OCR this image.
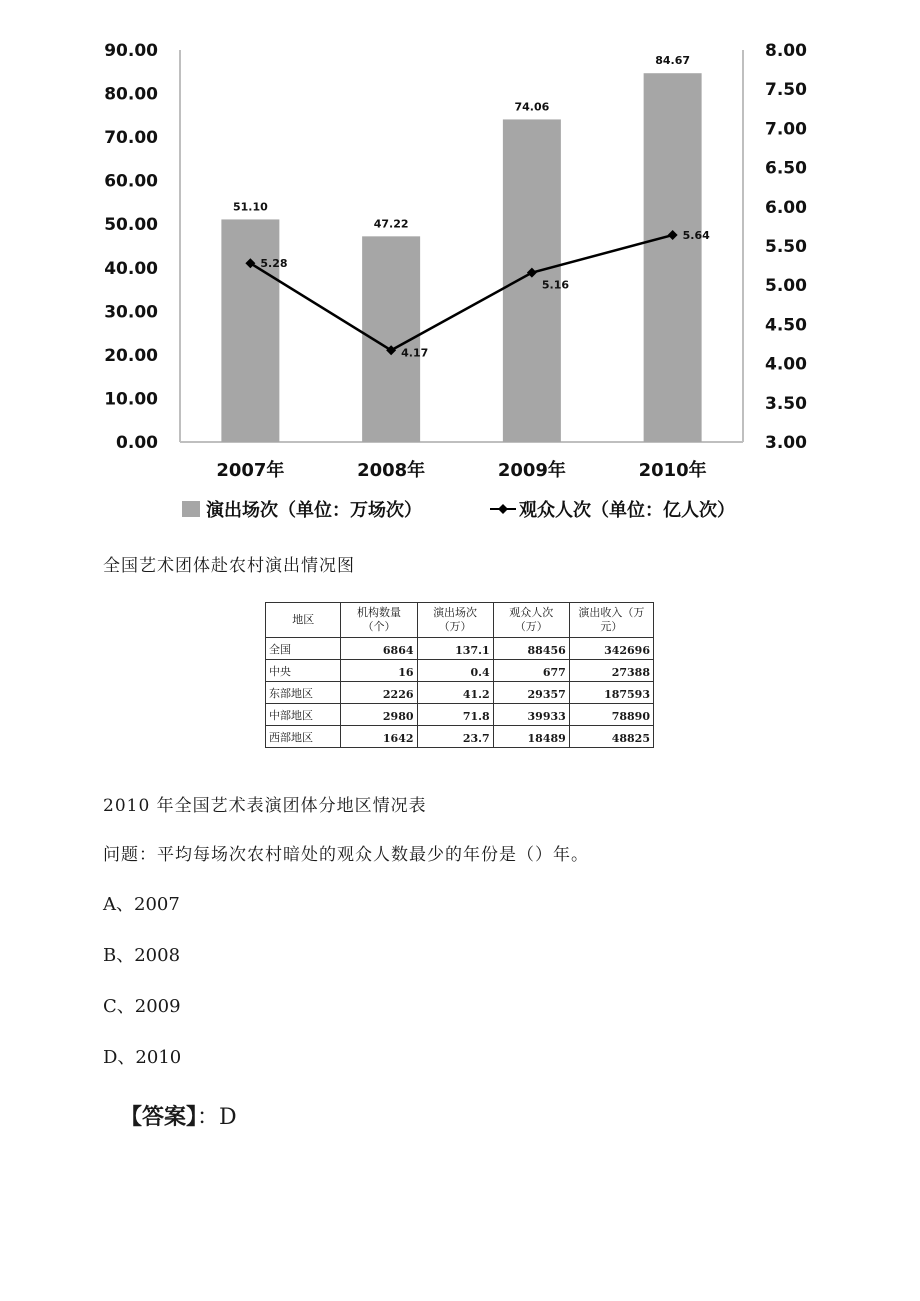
0.00
10.00
20.00
30.00
40.00
50.00
60.00
70.00
80.00
90.00
3.00
3.50
4.00
4.50
5.00
5.50
6.00
6.50
7.00
7.50
8.00
51.10
47.22
74.06
84.67
5.28
4.17
5.16
5.64
2007年	2008年	2009年	2010年
演出场次（单位：万场次）	观众人次（单位：亿人次）
全国艺术团体赴农村演出情况图
地区	机构数量（个）	演出场次（万）	观众人次（万）	演出收入（万元）
全国	6864	137.1	88456	342696
中央	16	0.4	677	27388
东部地区	2226	41.2	29357	187593
中部地区	2980	71.8	39933	78890
西部地区	1642	23.7	18489	48825
2010 年全国艺术表演团体分地区情况表
问题：平均每场次农村暗处的观众人数最少的年份是（）年。
A、2007
B、2008
C、2009
D、2010
【答案】：D
